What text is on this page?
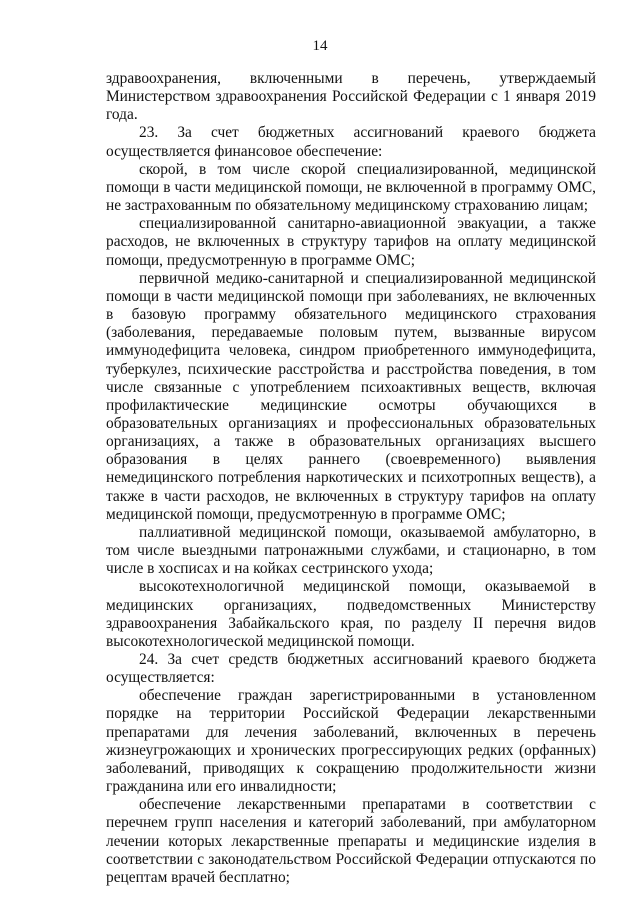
14

здравоохранения, включенными в перечень, утверждаемый Министерством здравоохранения Российской Федерации с 1 января 2019 года.

23. За счет бюджетных ассигнований краевого бюджета осуществляется финансовое обеспечение:

скорой, в том числе скорой специализированной, медицинской помощи в части медицинской помощи, не включенной в программу ОМС, не застрахованным по обязательному медицинскому страхованию лицам;

специализированной санитарно-авиационной эвакуации, а также расходов, не включенных в структуру тарифов на оплату медицинской помощи, предусмотренную в программе ОМС;

первичной медико-санитарной и специализированной медицинской помощи в части медицинской помощи при заболеваниях, не включенных в базовую программу обязательного медицинского страхования (заболевания, передаваемые половым путем, вызванные вирусом иммунодефицита человека, синдром приобретенного иммунодефицита, туберкулез, психические расстройства и расстройства поведения, в том числе связанные с употреблением психоактивных веществ, включая профилактические медицинские осмотры обучающихся в образовательных организациях и профессиональных образовательных организациях, а также в образовательных организациях высшего образования в целях раннего (своевременного) выявления немедицинского потребления наркотических и психотропных веществ), а также в части расходов, не включенных в структуру тарифов на оплату медицинской помощи, предусмотренную в программе ОМС;

паллиативной медицинской помощи, оказываемой амбулаторно, в том числе выездными патронажными службами, и стационарно, в том числе в хосписах и на койках сестринского ухода;

высокотехнологичной медицинской помощи, оказываемой в медицинских организациях, подведомственных Министерству здравоохранения Забайкальского края, по разделу II перечня видов высокотехнологической медицинской помощи.

24. За счет средств бюджетных ассигнований краевого бюджета осуществляется:

обеспечение граждан зарегистрированными в установленном порядке на территории Российской Федерации лекарственными препаратами для лечения заболеваний, включенных в перечень жизнеугрожающих и хронических прогрессирующих редких (орфанных) заболеваний, приводящих к сокращению продолжительности жизни гражданина или его инвалидности;

обеспечение лекарственными препаратами в соответствии с перечнем групп населения и категорий заболеваний, при амбулаторном лечении которых лекарственные препараты и медицинские изделия в соответствии с законодательством Российской Федерации отпускаются по рецептам врачей бесплатно;
